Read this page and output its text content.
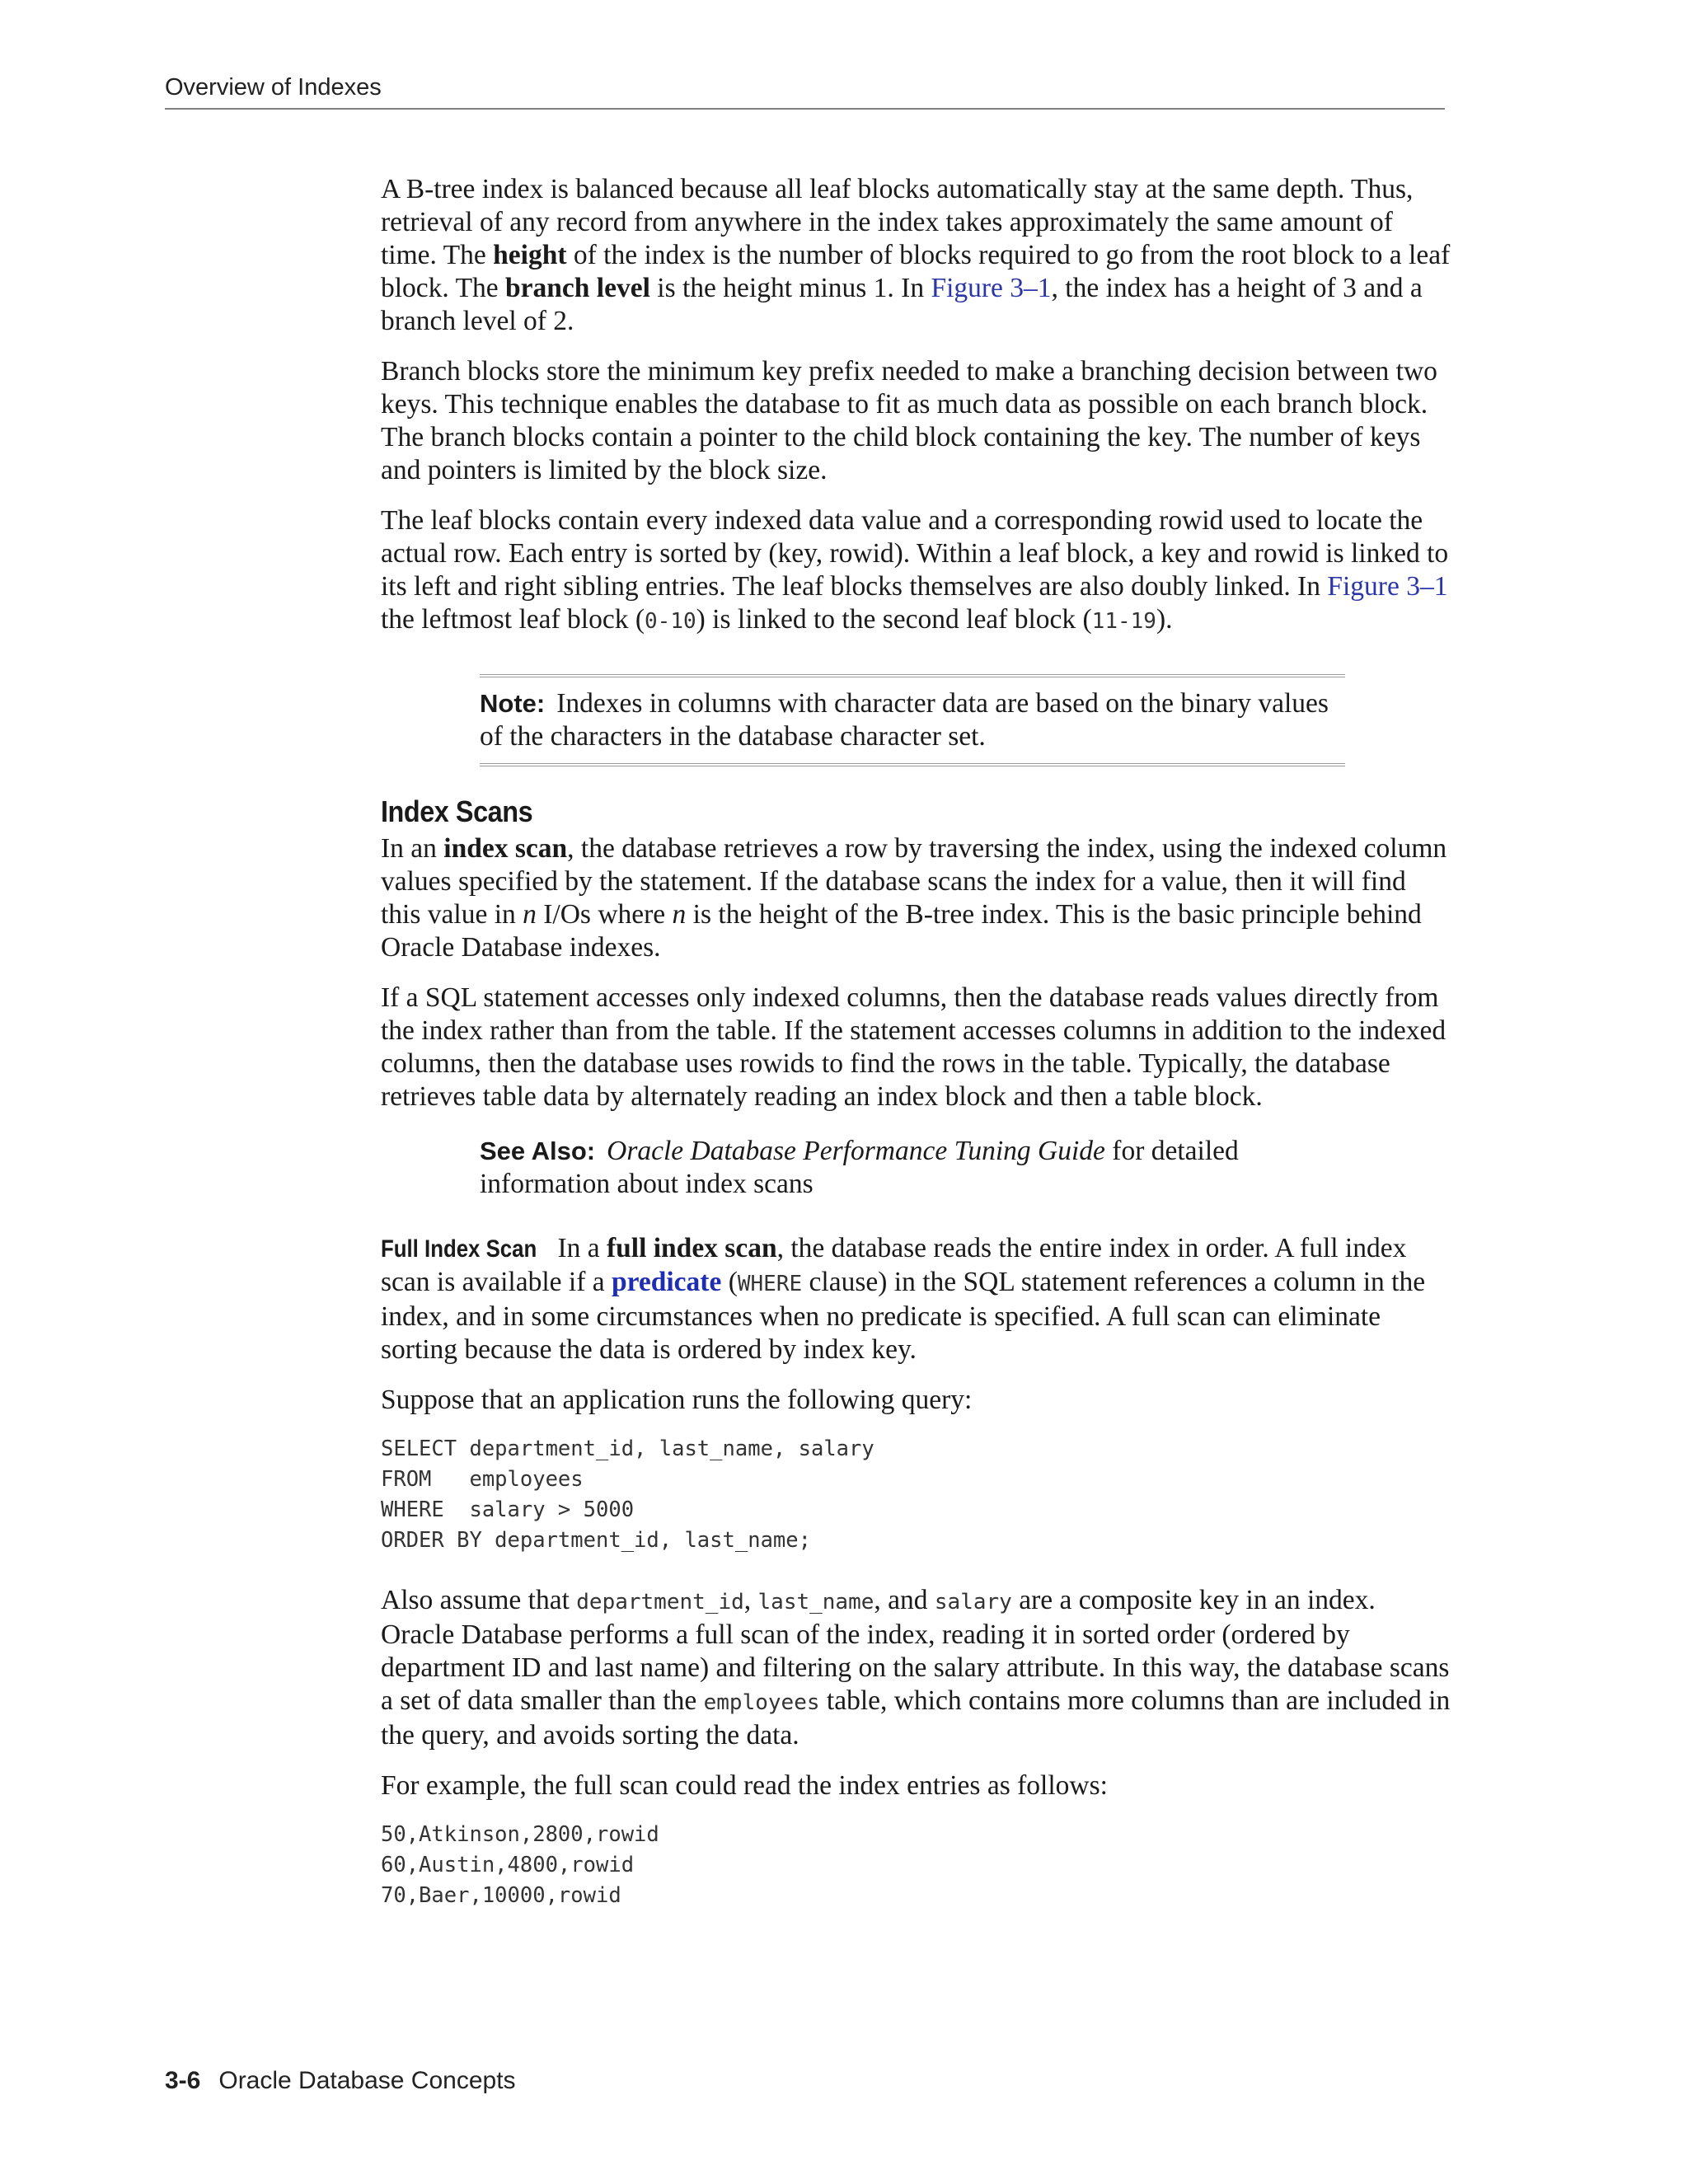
Overview of Indexes

A B-tree index is balanced because all leaf blocks automatically stay at the same depth. Thus, retrieval of any record from anywhere in the index takes approximately the same amount of time. The height of the index is the number of blocks required to go from the root block to a leaf block. The branch level is the height minus 1. In Figure 3–1, the index has a height of 3 and a branch level of 2.

Branch blocks store the minimum key prefix needed to make a branching decision between two keys. This technique enables the database to fit as much data as possible on each branch block. The branch blocks contain a pointer to the child block containing the key. The number of keys and pointers is limited by the block size.

The leaf blocks contain every indexed data value and a corresponding rowid used to locate the actual row. Each entry is sorted by (key, rowid). Within a leaf block, a key and rowid is linked to its left and right sibling entries. The leaf blocks themselves are also doubly linked. In Figure 3–1 the leftmost leaf block (0-10) is linked to the second leaf block (11-19).

Note: Indexes in columns with character data are based on the binary values of the characters in the database character set.
Index Scans

In an index scan, the database retrieves a row by traversing the index, using the indexed column values specified by the statement. If the database scans the index for a value, then it will find this value in n I/Os where n is the height of the B-tree index. This is the basic principle behind Oracle Database indexes.

If a SQL statement accesses only indexed columns, then the database reads values directly from the index rather than from the table. If the statement accesses columns in addition to the indexed columns, then the database uses rowids to find the rows in the table. Typically, the database retrieves table data by alternately reading an index block and then a table block.

See Also: Oracle Database Performance Tuning Guide for detailed information about index scans

Full Index Scan In a full index scan, the database reads the entire index in order. A full index scan is available if a predicate (WHERE clause) in the SQL statement references a column in the index, and in some circumstances when no predicate is specified. A full scan can eliminate sorting because the data is ordered by index key.

Suppose that an application runs the following query:

SELECT department_id, last_name, salary
FROM   employees
WHERE  salary > 5000
ORDER BY department_id, last_name;

Also assume that department_id, last_name, and salary are a composite key in an index. Oracle Database performs a full scan of the index, reading it in sorted order (ordered by department ID and last name) and filtering on the salary attribute. In this way, the database scans a set of data smaller than the employees table, which contains more columns than are included in the query, and avoids sorting the data.

For example, the full scan could read the index entries as follows:

50,Atkinson,2800,rowid
60,Austin,4800,rowid
70,Baer,10000,rowid
3-6 Oracle Database Concepts
